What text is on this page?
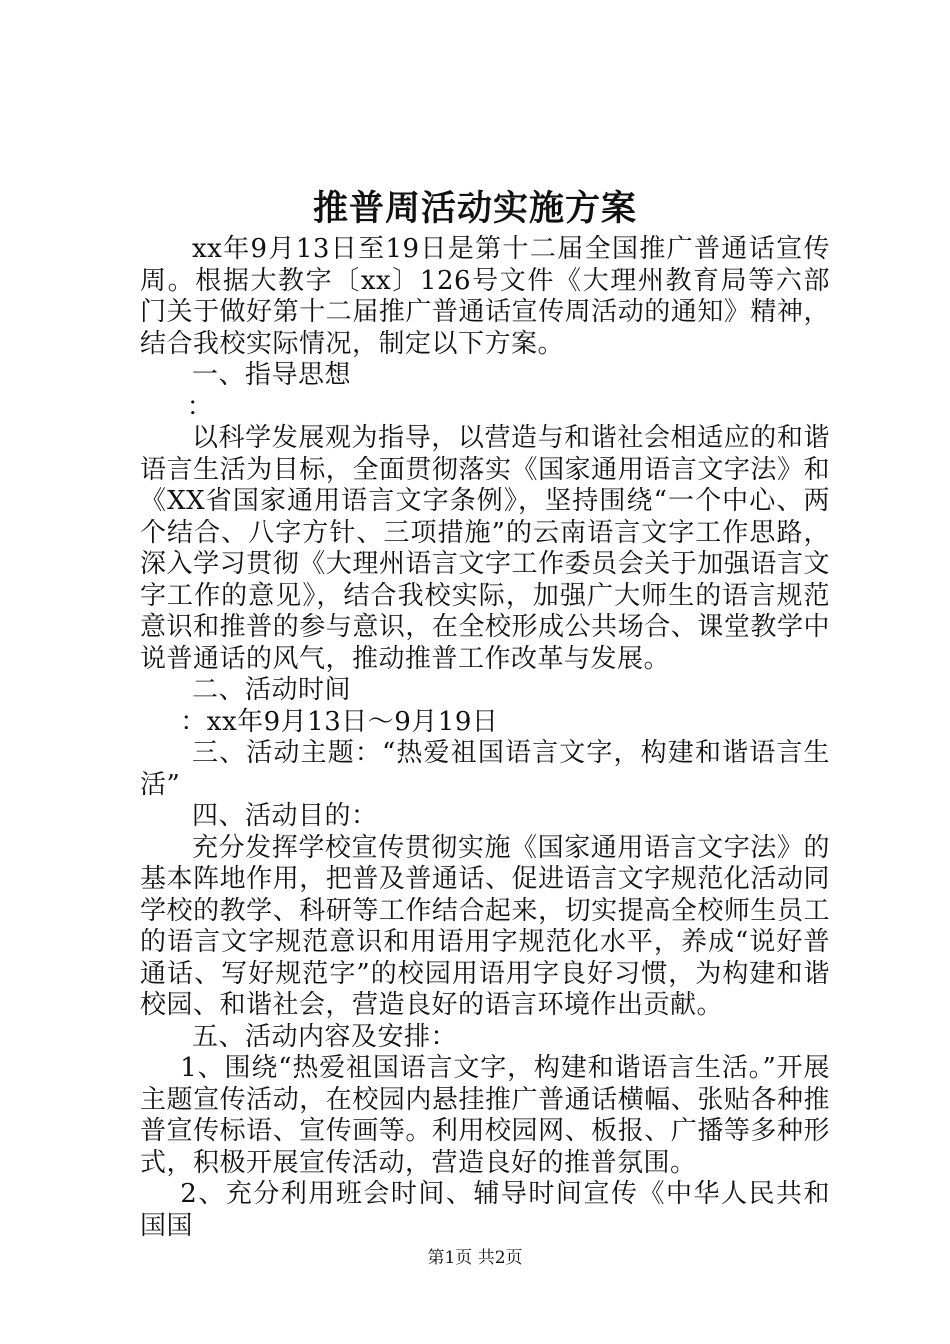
推普周活动实施方案

xx年9月13日至19日是第十二届全国推广普通话宣传周。根据大教字〔xx〕126号文件《大理州教育局等六部门关于做好第十二届推广普通话宣传周活动的通知》精神，结合我校实际情况，制定以下方案。

一、指导思想

：

以科学发展观为指导，以营造与和谐社会相适应的和谐语言生活为目标，全面贯彻落实《国家通用语言文字法》和《XX省国家通用语言文字条例》，坚持围绕“一个中心、两个结合、八字方针、三项措施”的云南语言文字工作思路，深入学习贯彻《大理州语言文字工作委员会关于加强语言文字工作的意见》，结合我校实际，加强广大师生的语言规范意识和推普的参与意识，在全校形成公共场合、课堂教学中说普通话的风气，推动推普工作改革与发展。

二、活动时间

：xx年9月13日～9月19日

三、活动主题：“热爱祖国语言文字，构建和谐语言生活”

四、活动目的：

充分发挥学校宣传贯彻实施《国家通用语言文字法》的基本阵地作用，把普及普通话、促进语言文字规范化活动同学校的教学、科研等工作结合起来，切实提高全校师生员工的语言文字规范意识和用语用字规范化水平，养成“说好普通话、写好规范字”的校园用语用字良好习惯，为构建和谐校园、和谐社会，营造良好的语言环境作出贡献。

五、活动内容及安排：

1、围绕“热爱祖国语言文字，构建和谐语言生活。”开展主题宣传活动，在校园内悬挂推广普通话横幅、张贴各种推普宣传标语、宣传画等。利用校园网、板报、广播等多种形式，积极开展宣传活动，营造良好的推普氛围。

2、充分利用班会时间、辅导时间宣传《中华人民共和国国

第1页 共2页
